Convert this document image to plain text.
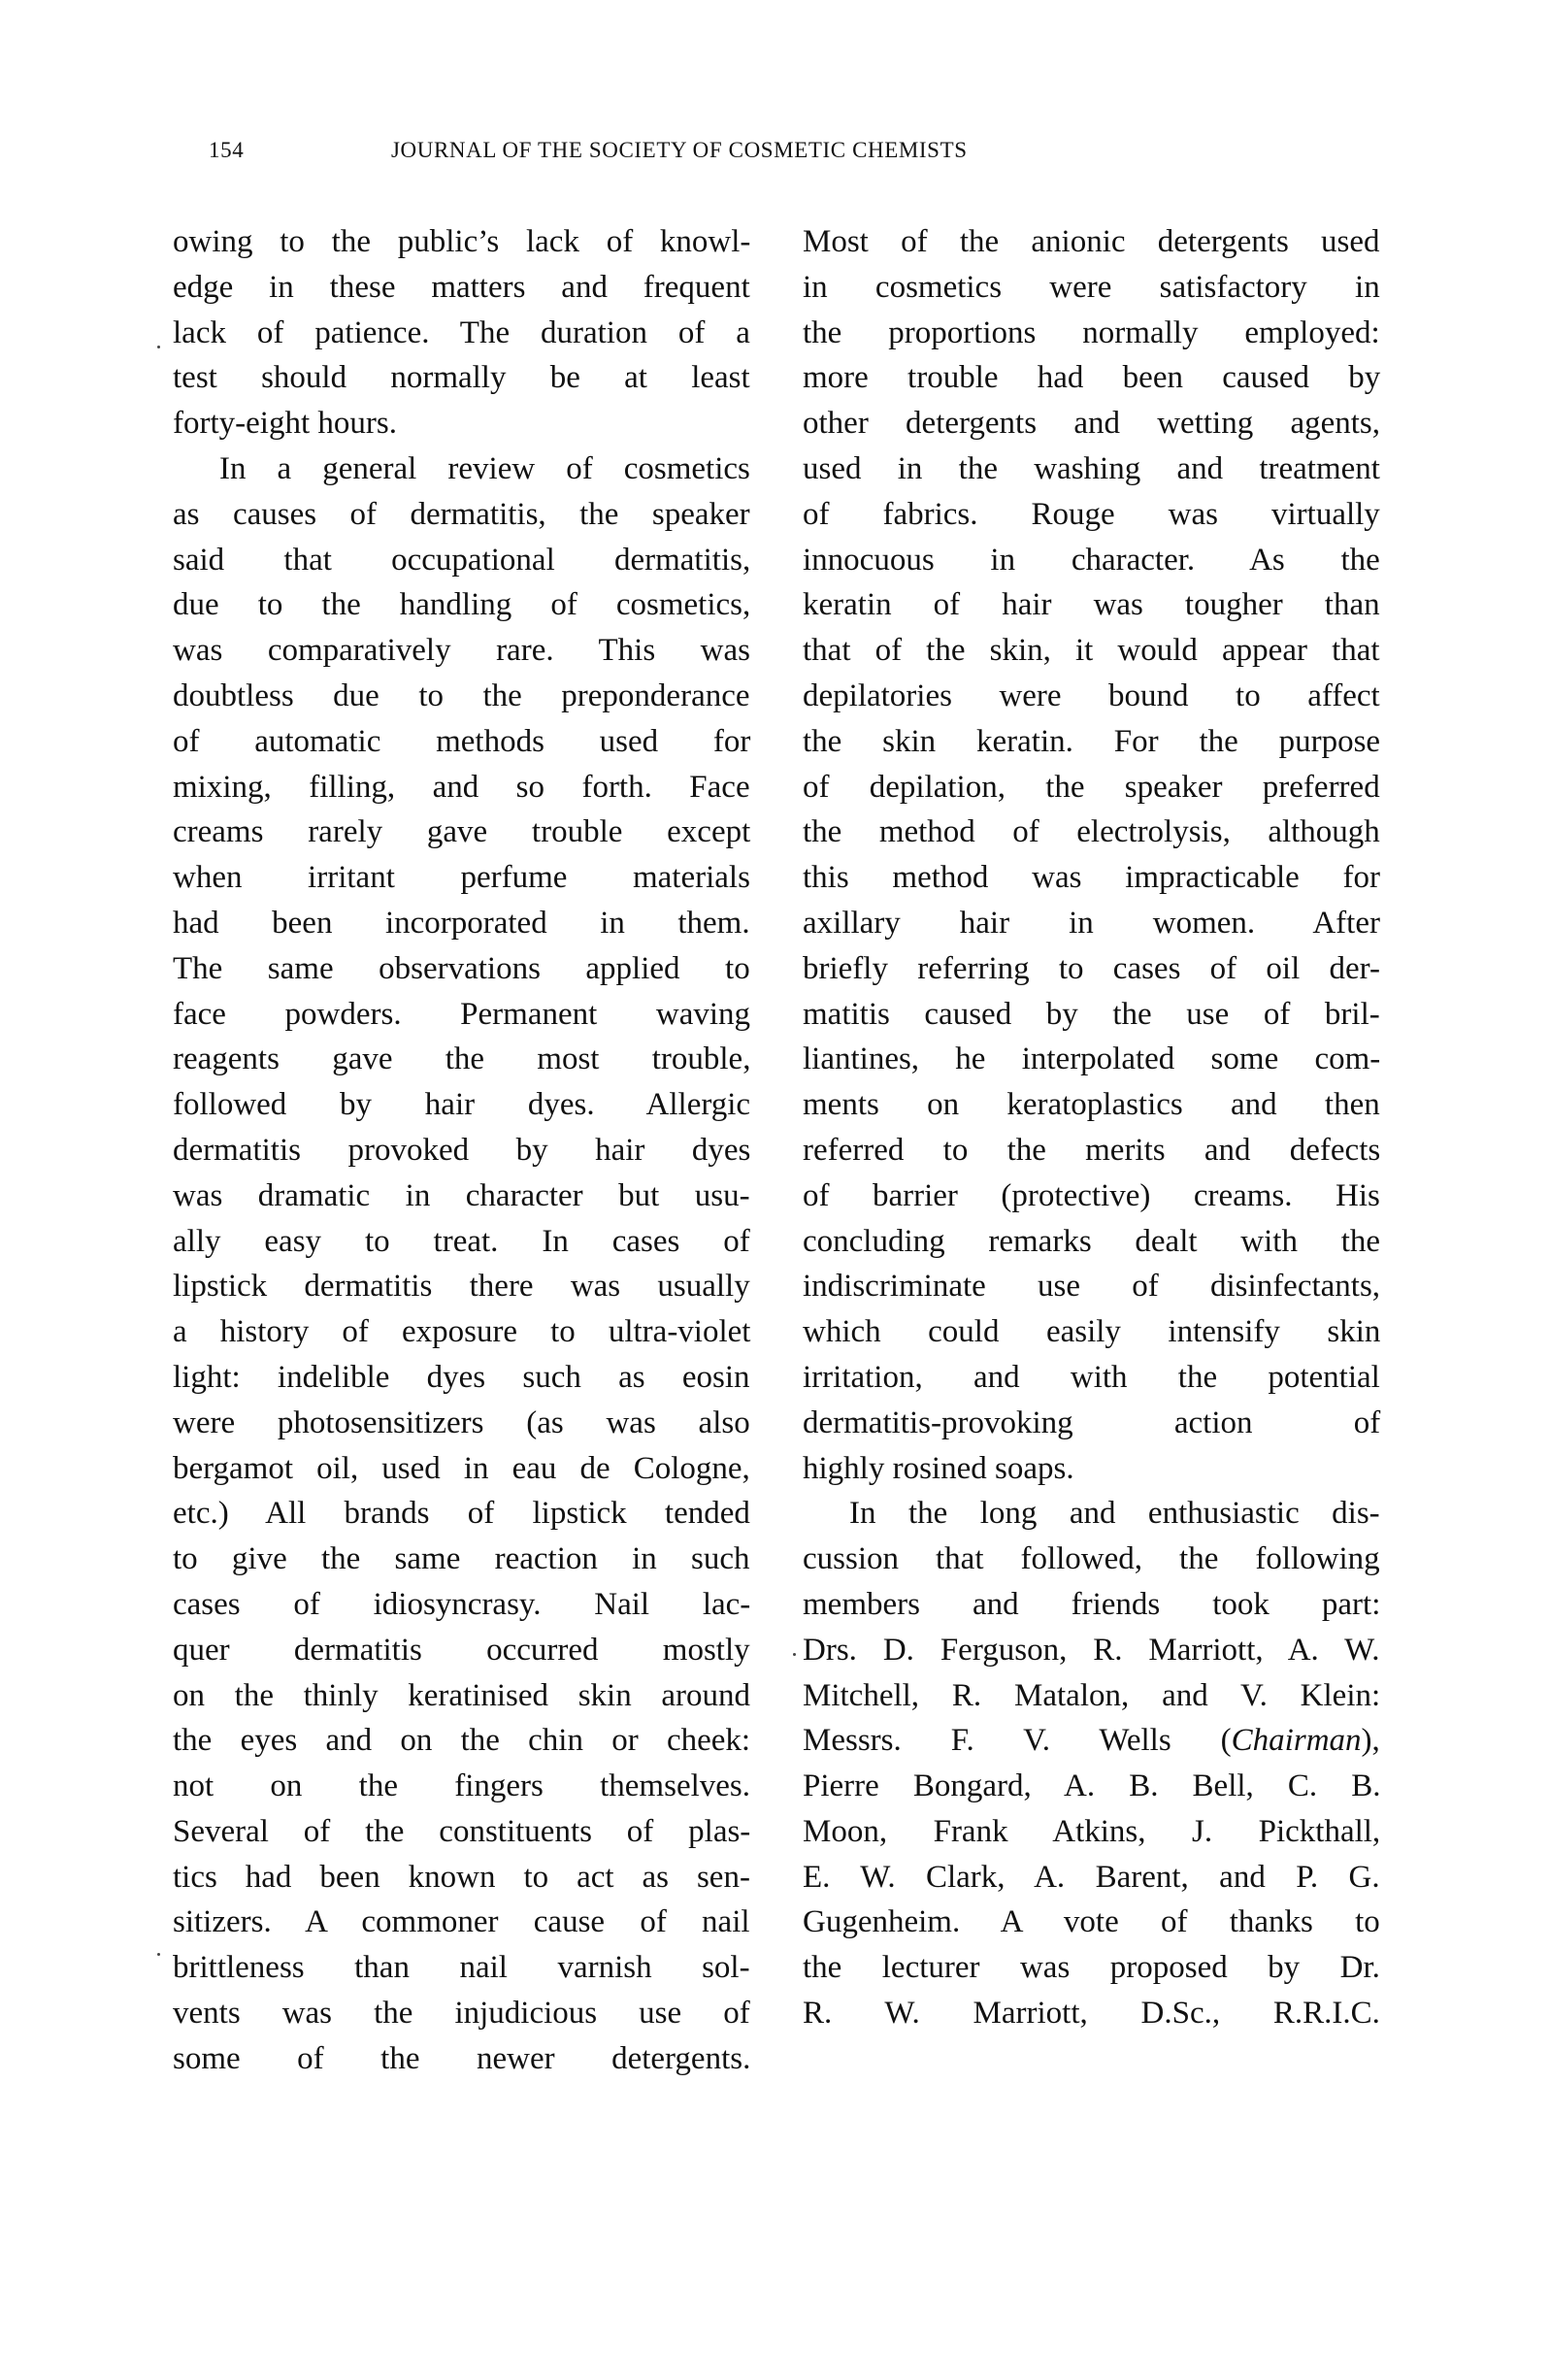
154	JOURNAL OF THE SOCIETY OF COSMETIC CHEMISTS
owing to the public’s lack of knowl-
edge in these matters and frequent
lack of patience. The duration of a
test should normally be at least
forty-eight hours.
In a general review of cosmetics
as causes of dermatitis, the speaker
said that occupational dermatitis,
due to the handling of cosmetics,
was comparatively rare. This was
doubtless due to the preponderance
of automatic methods used for
mixing, filling, and so forth. Face
creams rarely gave trouble except
when irritant perfume materials
had been incorporated in them.
The same observations applied to
face powders. Permanent waving
reagents gave the most trouble,
followed by hair dyes. Allergic
dermatitis provoked by hair dyes
was dramatic in character but usu-
ally easy to treat. In cases of
lipstick dermatitis there was usually
a history of exposure to ultra-violet
light: indelible dyes such as eosin
were photosensitizers (as was also
bergamot oil, used in eau de Cologne,
etc.) All brands of lipstick tended
to give the same reaction in such
cases of idiosyncrasy. Nail lac-
quer dermatitis occurred mostly
on the thinly keratinised skin around
the eyes and on the chin or cheek:
not on the fingers themselves.
Several of the constituents of plas-
tics had been known to act as sen-
sitizers. A commoner cause of nail
brittleness than nail varnish sol-
vents was the injudicious use of
some of the newer detergents.
Most of the anionic detergents used
in cosmetics were satisfactory in
the proportions normally employed:
more trouble had been caused by
other detergents and wetting agents,
used in the washing and treatment
of fabrics. Rouge was virtually
innocuous in character. As the
keratin of hair was tougher than
that of the skin, it would appear that
depilatories were bound to affect
the skin keratin. For the purpose
of depilation, the speaker preferred
the method of electrolysis, although
this method was impracticable for
axillary hair in women. After
briefly referring to cases of oil der-
matitis caused by the use of bril-
liantines, he interpolated some com-
ments on keratoplastics and then
referred to the merits and defects
of barrier (protective) creams. His
concluding remarks dealt with the
indiscriminate use of disinfectants,
which could easily intensify skin
irritation, and with the potential
dermatitis-provoking action of
highly rosined soaps.
In the long and enthusiastic dis-
cussion that followed, the following
members and friends took part:
Drs. D. Ferguson, R. Marriott, A. W.
Mitchell, R. Matalon, and V. Klein:
Messrs. F. V. Wells (Chairman),
Pierre Bongard, A. B. Bell, C. B.
Moon, Frank Atkins, J. Pickthall,
E. W. Clark, A. Barent, and P. G.
Gugenheim. A vote of thanks to
the lecturer was proposed by Dr.
R. W. Marriott, D.Sc., R.R.I.C.
